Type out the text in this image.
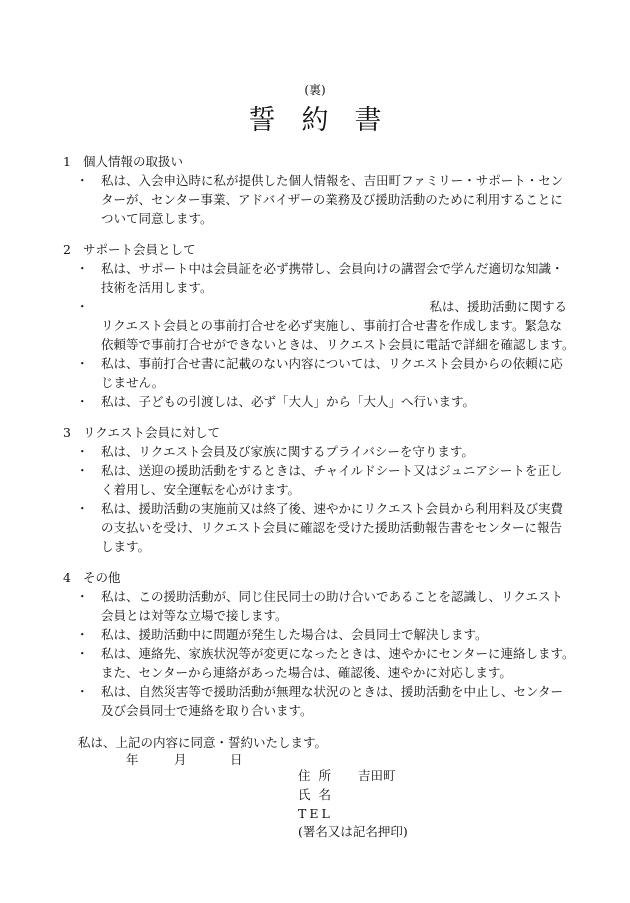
(裏)
誓約書
1 個人情報の取扱い
・ 私は、入会申込時に私が提供した個人情報を、吉田町ファミリー・サポート・セン
ターが、センター事業、アドバイザーの業務及び援助活動のために利用することに
ついて同意します。
2 サポート会員として
・ 私は、サポート中は会員証を必ず携帯し、会員向けの講習会で学んだ適切な知識・
技術を活用します。
・	私は、援助活動に関する
リクエスト会員との事前打合せを必ず実施し、事前打合せ書を作成します。緊急な
依頼等で事前打合せができないときは、リクエスト会員に電話で詳細を確認します。
・ 私は、事前打合せ書に記載のない内容については、リクエスト会員からの依頼に応
じません。
・ 私は、子どもの引渡しは、必ず「大人」から「大人」へ行います。
3 リクエスト会員に対して
・ 私は、リクエスト会員及び家族に関するプライバシーを守ります。
・ 私は、送迎の援助活動をするときは、チャイルドシート又はジュニアシートを正し
く着用し、安全運転を心がけます。
・ 私は、援助活動の実施前又は終了後、速やかにリクエスト会員から利用料及び実費
の支払いを受け、リクエスト会員に確認を受けた援助活動報告書をセンターに報告
します。
4 その他
・ 私は、この援助活動が、同じ住民同士の助け合いであることを認識し、リクエスト
会員とは対等な立場で接します。
・ 私は、援助活動中に問題が発生した場合は、会員同士で解決します。
・ 私は、連絡先、家族状況等が変更になったときは、速やかにセンターに連絡します。
また、センターから連絡があった場合は、確認後、速やかに対応します。
・ 私は、自然災害等で援助活動が無理な状況のときは、援助活動を中止し、センター
及び会員同士で連絡を取り合います。
私は、上記の内容に同意・誓約いたします。
年	月	日
住 所 吉田町
氏 名
TEL
(署名又は記名押印)
